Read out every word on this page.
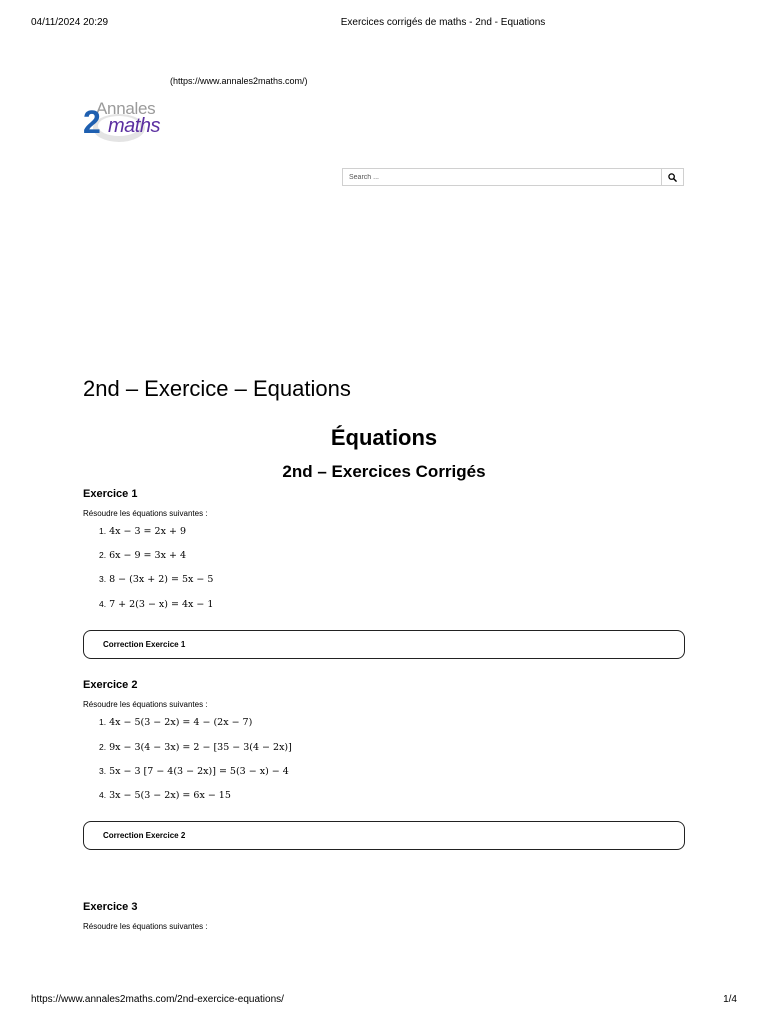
04/11/2024 20:29	Exercices corrigés de maths - 2nd - Equations
(https://www.annales2maths.com/)
Annales
2 maths
Search ...
2nd – Exercice – Equations
Équations
2nd – Exercices Corrigés
Exercice 1
Résoudre les équations suivantes :
1. 4x − 3 = 2x + 9
2. 6x − 9 = 3x + 4
3. 8 − (3x + 2) = 5x − 5
4. 7 + 2(3 − x) = 4x − 1
Correction Exercice 1
Exercice 2
Résoudre les équations suivantes :
1. 4x − 5(3 − 2x) = 4 − (2x − 7)
2. 9x − 3(4 − 3x) = 2 − [35 − 3(4 − 2x)]
3. 5x − 3 [7 − 4(3 − 2x)] = 5(3 − x) − 4
4. 3x − 5(3 − 2x) = 6x − 15
Correction Exercice 2
Exercice 3
Résoudre les équations suivantes :
https://www.annales2maths.com/2nd-exercice-equations/	1/4
